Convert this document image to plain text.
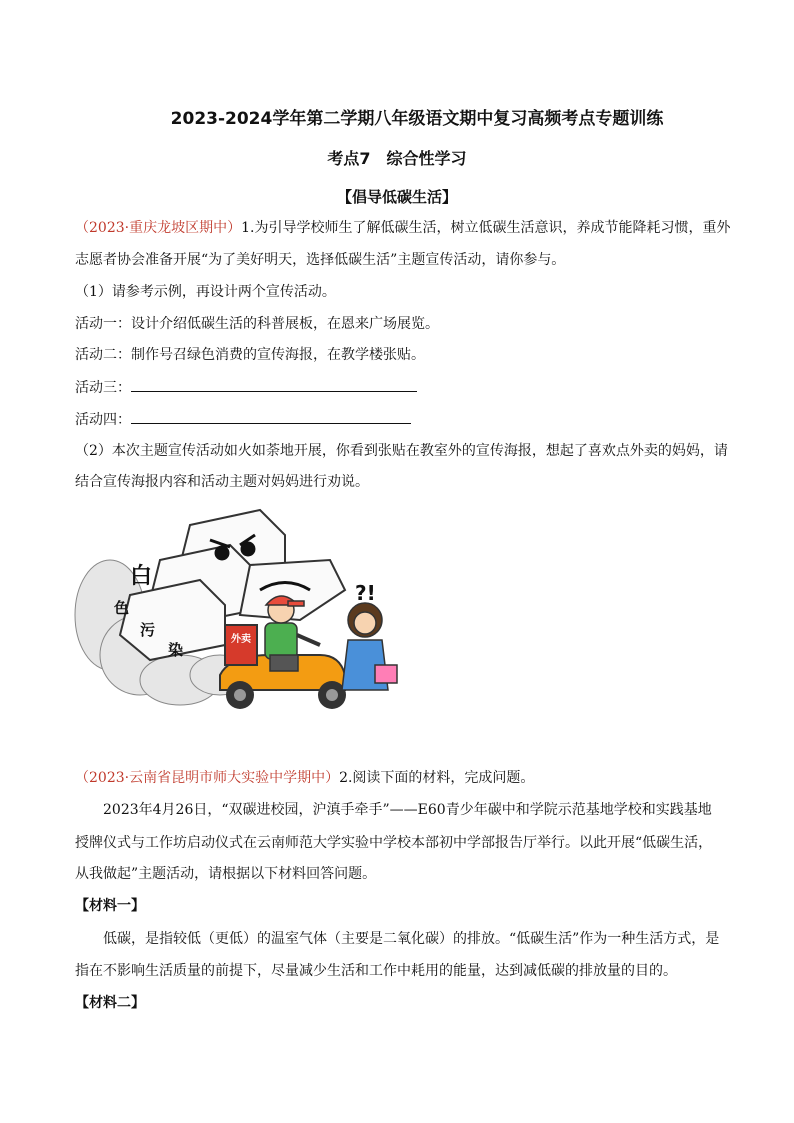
2023-2024学年第二学期八年级语文期中复习高频考点专题训练
考点7　综合性学习
【倡导低碳生活】
（2023·重庆龙坡区期中）1.为引导学校师生了解低碳生活，树立低碳生活意识，养成节能降耗习惯，重外
志愿者协会准备开展“为了美好明天，选择低碳生活”主题宣传活动，请你参与。
（1）请参考示例，再设计两个宣传活动。
活动一：设计介绍低碳生活的科普展板，在恩来广场展览。
活动二：制作号召绿色消费的宣传海报，在教学楼张贴。
活动三：
活动四：
（2）本次主题宣传活动如火如荼地开展，你看到张贴在教室外的宣传海报，想起了喜欢点外卖的妈妈，请
结合宣传海报内容和活动主题对妈妈进行劝说。
白
色
污
染
外卖
?!
（2023·云南省昆明市师大实验中学期中）2.阅读下面的材料，完成问题。
2023年4月26日，“双碳进校园，沪滇手牵手”——E60青少年碳中和学院示范基地学校和实践基地
授牌仪式与工作坊启动仪式在云南师范大学实验中学校本部初中学部报告厅举行。以此开展“低碳生活，
从我做起”主题活动，请根据以下材料回答问题。
【材料一】
低碳，是指较低（更低）的温室气体（主要是二氧化碳）的排放。“低碳生活”作为一种生活方式，是
指在不影响生活质量的前提下，尽量减少生活和工作中耗用的能量，达到减低碳的排放量的目的。
【材料二】
